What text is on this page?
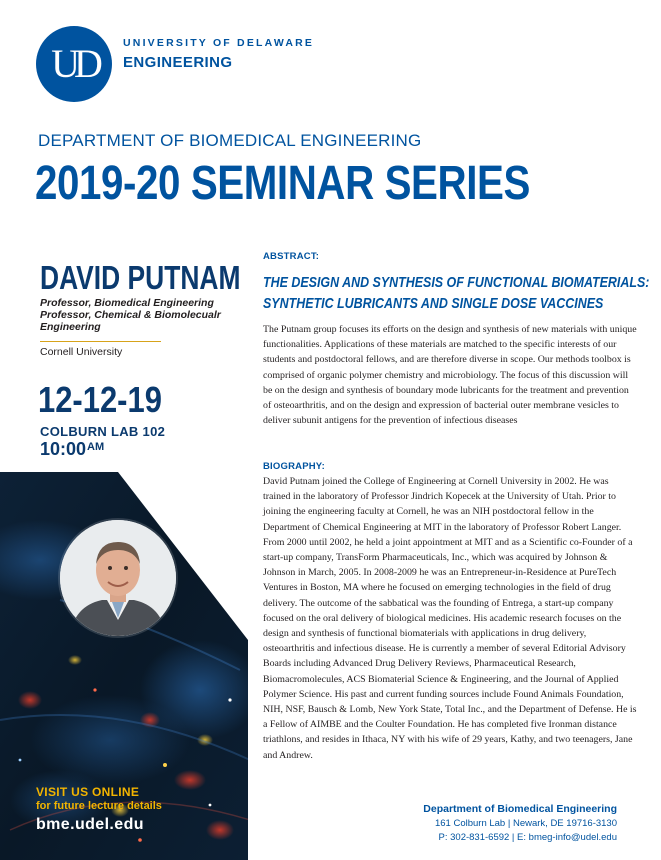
UD	UNIVERSITY OF DELAWARE
ENGINEERING
DEPARTMENT OF BIOMEDICAL ENGINEERING
2019-20 SEMINAR SERIES
DAVID PUTNAM
Professor, Biomedical Engineering
Professor, Chemical & Biomolecualr Engineering
Cornell University
12-12-19
COLBURN LAB 102
$10:00^{AM}$
VISIT US ONLINE
for future lecture details
bme.udel.edu
ABSTRACT:
THE DESIGN AND SYNTHESIS OF FUNCTIONAL BIOMATERIALS:
SYNTHETIC LUBRICANTS AND SINGLE DOSE VACCINES
The Putnam group focuses its efforts on the design and synthesis of new materials with unique functionalities. Applications of these materials are matched to the specific interests of our students and postdoctoral fellows, and are therefore diverse in scope. Our methods toolbox is comprised of organic polymer chemistry and microbiology. The focus of this discussion will be on the design and synthesis of boundary mode lubricants for the treatment and prevention of osteoarthritis, and on the design and expression of bacterial outer membrane vesicles to deliver subunit antigens for the prevention of infectious diseases
BIOGRAPHY:
David Putnam joined the College of Engineering at Cornell University in 2002. He was trained in the laboratory of Professor Jindrich Kopecek at the University of Utah. Prior to joining the engineering faculty at Cornell, he was an NIH postdoctoral fellow in the Department of Chemical Engineering at MIT in the laboratory of Professor Robert Langer. From 2000 until 2002, he held a joint appointment at MIT and as a Scientific co-Founder of a start-up company, TransForm Pharmaceuticals, Inc., which was acquired by Johnson & Johnson in March, 2005. In 2008-2009 he was an Entrepreneur-in-Residence at PureTech Ventures in Boston, MA where he focused on emerging technologies in the field of drug delivery. The outcome of the sabbatical was the founding of Entrega, a start-up company focused on the oral delivery of biological medicines. His academic research focuses on the design and synthesis of functional biomaterials with applications in drug delivery, osteoarthritis and infectious disease. He is currently a member of several Editorial Advisory Boards including Advanced Drug Delivery Reviews, Pharmaceutical Research, Biomacromolecules, ACS Biomaterial Science & Engineering, and the Journal of Applied Polymer Science. His past and current funding sources include Found Animals Foundation, NIH, NSF, Bausch & Lomb, New York State, Total Inc., and the Department of Defense. He is a Fellow of AIMBE and the Coulter Foundation. He has completed five Ironman distance triathlons, and resides in Ithaca, NY with his wife of 29 years, Kathy, and two teenagers, Jane and Andrew.
Department of Biomedical Engineering
161 Colburn Lab | Newark, DE 19716-3130
P: 302-831-6592 | E: bmeg-info@udel.edu
